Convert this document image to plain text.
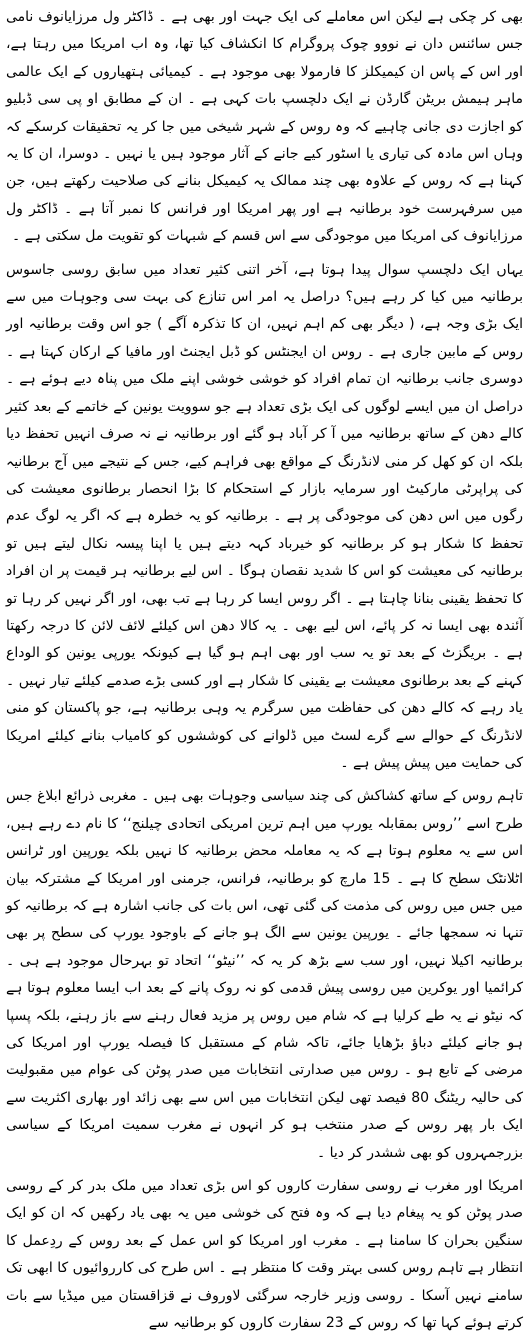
بھی کر چکی ہے لیکن اس معاملے کی ایک جہت اور بھی ہے ۔ ڈاکٹر ول مرزایانوف نامی جس سائنس دان نے نووو چوک پروگرام کا انکشاف کیا تھا، وہ اب امریکا میں رہتا ہے، اور اس کے پاس ان کیمیکلز کا فارمولا بھی موجود ہے ۔ کیمیائی ہتھیاروں کے ایک عالمی ماہر ہیمش بریٹن گارڈن نے ایک دلچسپ بات کہی ہے ۔ ان کے مطابق او پی سی ڈبلیو کو اجازت دی جانی چاہیے کہ وہ روس کے شہر شیخی میں جا کر یہ تحقیقات کرسکے کہ وہاں اس مادہ کی تیاری یا اسٹور کیے جانے کے آثار موجود ہیں یا نہیں ۔ دوسرا، ان کا یہ کہنا ہے کہ روس کے علاوہ بھی چند ممالک یہ کیمیکل بنانے کی صلاحیت رکھتے ہیں، جن میں سرفہرست خود برطانیہ ہے اور پھر امریکا اور فرانس کا نمبر آتا ہے ۔ ڈاکٹر ول مرزایانوف کی امریکا میں موجودگی سے اس قسم کے شبہات کو تقویت مل سکتی ہے ۔

یہاں ایک دلچسپ سوال پیدا ہوتا ہے، آخر اتنی کثیر تعداد میں سابق روسی جاسوس برطانیہ میں کیا کر رہے ہیں؟ دراصل یہ امر اس تنازع کی بہت سی وجوہات میں سے ایک بڑی وجہ ہے، ( دیگر بھی کم اہم نہیں، ان کا تذکرہ آگے ) جو اس وقت برطانیہ اور روس کے مابین جاری ہے ۔ روس ان ایجنٹس کو ڈبل ایجنٹ اور مافیا کے ارکان کہتا ہے ۔ دوسری جانب برطانیہ ان تمام افراد کو خوشی خوشی اپنے ملک میں پناہ دیے ہوئے ہے ۔ دراصل ان میں ایسے لوگوں کی ایک بڑی تعداد ہے جو سوویت یونین کے خاتمے کے بعد کثیر کالے دھن کے ساتھ برطانیہ میں آ کر آباد ہو گئے اور برطانیہ نے نہ صرف انہیں تحفظ دیا بلکہ ان کو کھل کر منی لانڈرنگ کے مواقع بھی فراہم کیے، جس کے نتیجے میں آج برطانیہ کی پراپرٹی مارکیٹ اور سرمایہ بازار کے استحکام کا بڑا انحصار برطانوی معیشت کی رگوں میں اس دھن کی موجودگی پر ہے ۔ برطانیہ کو یہ خطرہ ہے کہ اگر یہ لوگ عدم تحفظ کا شکار ہو کر برطانیہ کو خیرباد کہہ دیتے ہیں یا اپنا پیسہ نکال لیتے ہیں تو برطانیہ کی معیشت کو اس کا شدید نقصان ہوگا ۔ اس لیے برطانیہ ہر قیمت پر ان افراد کا تحفظ یقینی بنانا چاہتا ہے ۔ اگر روس ایسا کر رہا ہے تب بھی، اور اگر نہیں کر رہا تو آئندہ بھی ایسا نہ کر پائے، اس لیے بھی ۔ یہ کالا دھن اس کیلئے لائف لائن کا درجہ رکھتا ہے ۔ بریگزٹ کے بعد تو یہ سب اور بھی اہم ہو گیا ہے کیونکہ یورپی یونین کو الوداع کہنے کے بعد برطانوی معیشت بے یقینی کا شکار ہے اور کسی بڑے صدمے کیلئے تیار نہیں ۔ یاد رہے کہ کالے دھن کی حفاظت میں سرگرم یہ وہی برطانیہ ہے، جو پاکستان کو منی لانڈرنگ کے حوالے سے گرے لسٹ میں ڈلوانے کی کوششوں کو کامیاب بنانے کیلئے امریکا کی حمایت میں پیش پیش ہے ۔

تاہم روس کے ساتھ کشاکش کی چند سیاسی وجوہات بھی ہیں ۔ مغربی ذرائع ابلاغ جس طرح اسے ’’روس بمقابلہ یورپ میں اہم ترین امریکی اتحادی چیلنج‘‘ کا نام دے رہے ہیں، اس سے یہ معلوم ہوتا ہے کہ یہ معاملہ محض برطانیہ کا نہیں بلکہ یورپین اور ٹرانس اٹلانٹک سطح کا ہے ۔ 15 مارچ کو برطانیہ، فرانس، جرمنی اور امریکا کے مشترکہ بیان میں جس میں روس کی مذمت کی گئی تھی، اس بات کی جانب اشارہ ہے کہ برطانیہ کو تنہا نہ سمجھا جائے ۔ یورپین یونین سے الگ ہو جانے کے باوجود یورپ کی سطح پر بھی برطانیہ اکیلا نہیں، اور سب سے بڑھ کر یہ کہ ’’نیٹو‘‘ اتحاد تو بہرحال موجود ہے ہی ۔ کرائمیا اور یوکرین میں روسی پیش قدمی کو نہ روک پانے کے بعد اب ایسا معلوم ہوتا ہے کہ نیٹو نے یہ طے کرلیا ہے کہ شام میں روس پر مزید فعال رہنے سے باز رہنے، بلکہ پسپا ہو جانے کیلئے دباؤ بڑھایا جائے، تاکہ شام کے مستقبل کا فیصلہ یورپ اور امریکا کی مرضی کے تابع ہو ۔ روس میں صدارتی انتخابات میں صدر پوٹن کی عوام میں مقبولیت کی حالیہ ریٹنگ 80 فیصد تھی لیکن انتخابات میں اس سے بھی زائد اور بھاری اکثریت سے ایک بار پھر روس کے صدر منتخب ہو کر انہوں نے مغرب سمیت امریکا کے سیاسی بزرجمہروں کو بھی ششدر کر دیا ۔

امریکا اور مغرب نے روسی سفارت کاروں کو اس بڑی تعداد میں ملک بدر کر کے روسی صدر پوٹن کو یہ پیغام دیا ہے کہ وہ فتح کی خوشی میں یہ بھی یاد رکھیں کہ ان کو ایک سنگین بحران کا سامنا ہے ۔ مغرب اور امریکا کو اس عمل کے بعد روس کے ردِعمل کا انتظار ہے تاہم روس کسی بہتر وقت کا منتظر ہے ۔ اس طرح کی کارروائیوں کا ابھی تک سامنے نہیں آسکا ۔ روسی وزیر خارجہ سرگئی لاوروف نے قزاقستان میں میڈیا سے بات کرتے ہوئے کہا تھا کہ روس کے 23 سفارت کاروں کو برطانیہ سے
